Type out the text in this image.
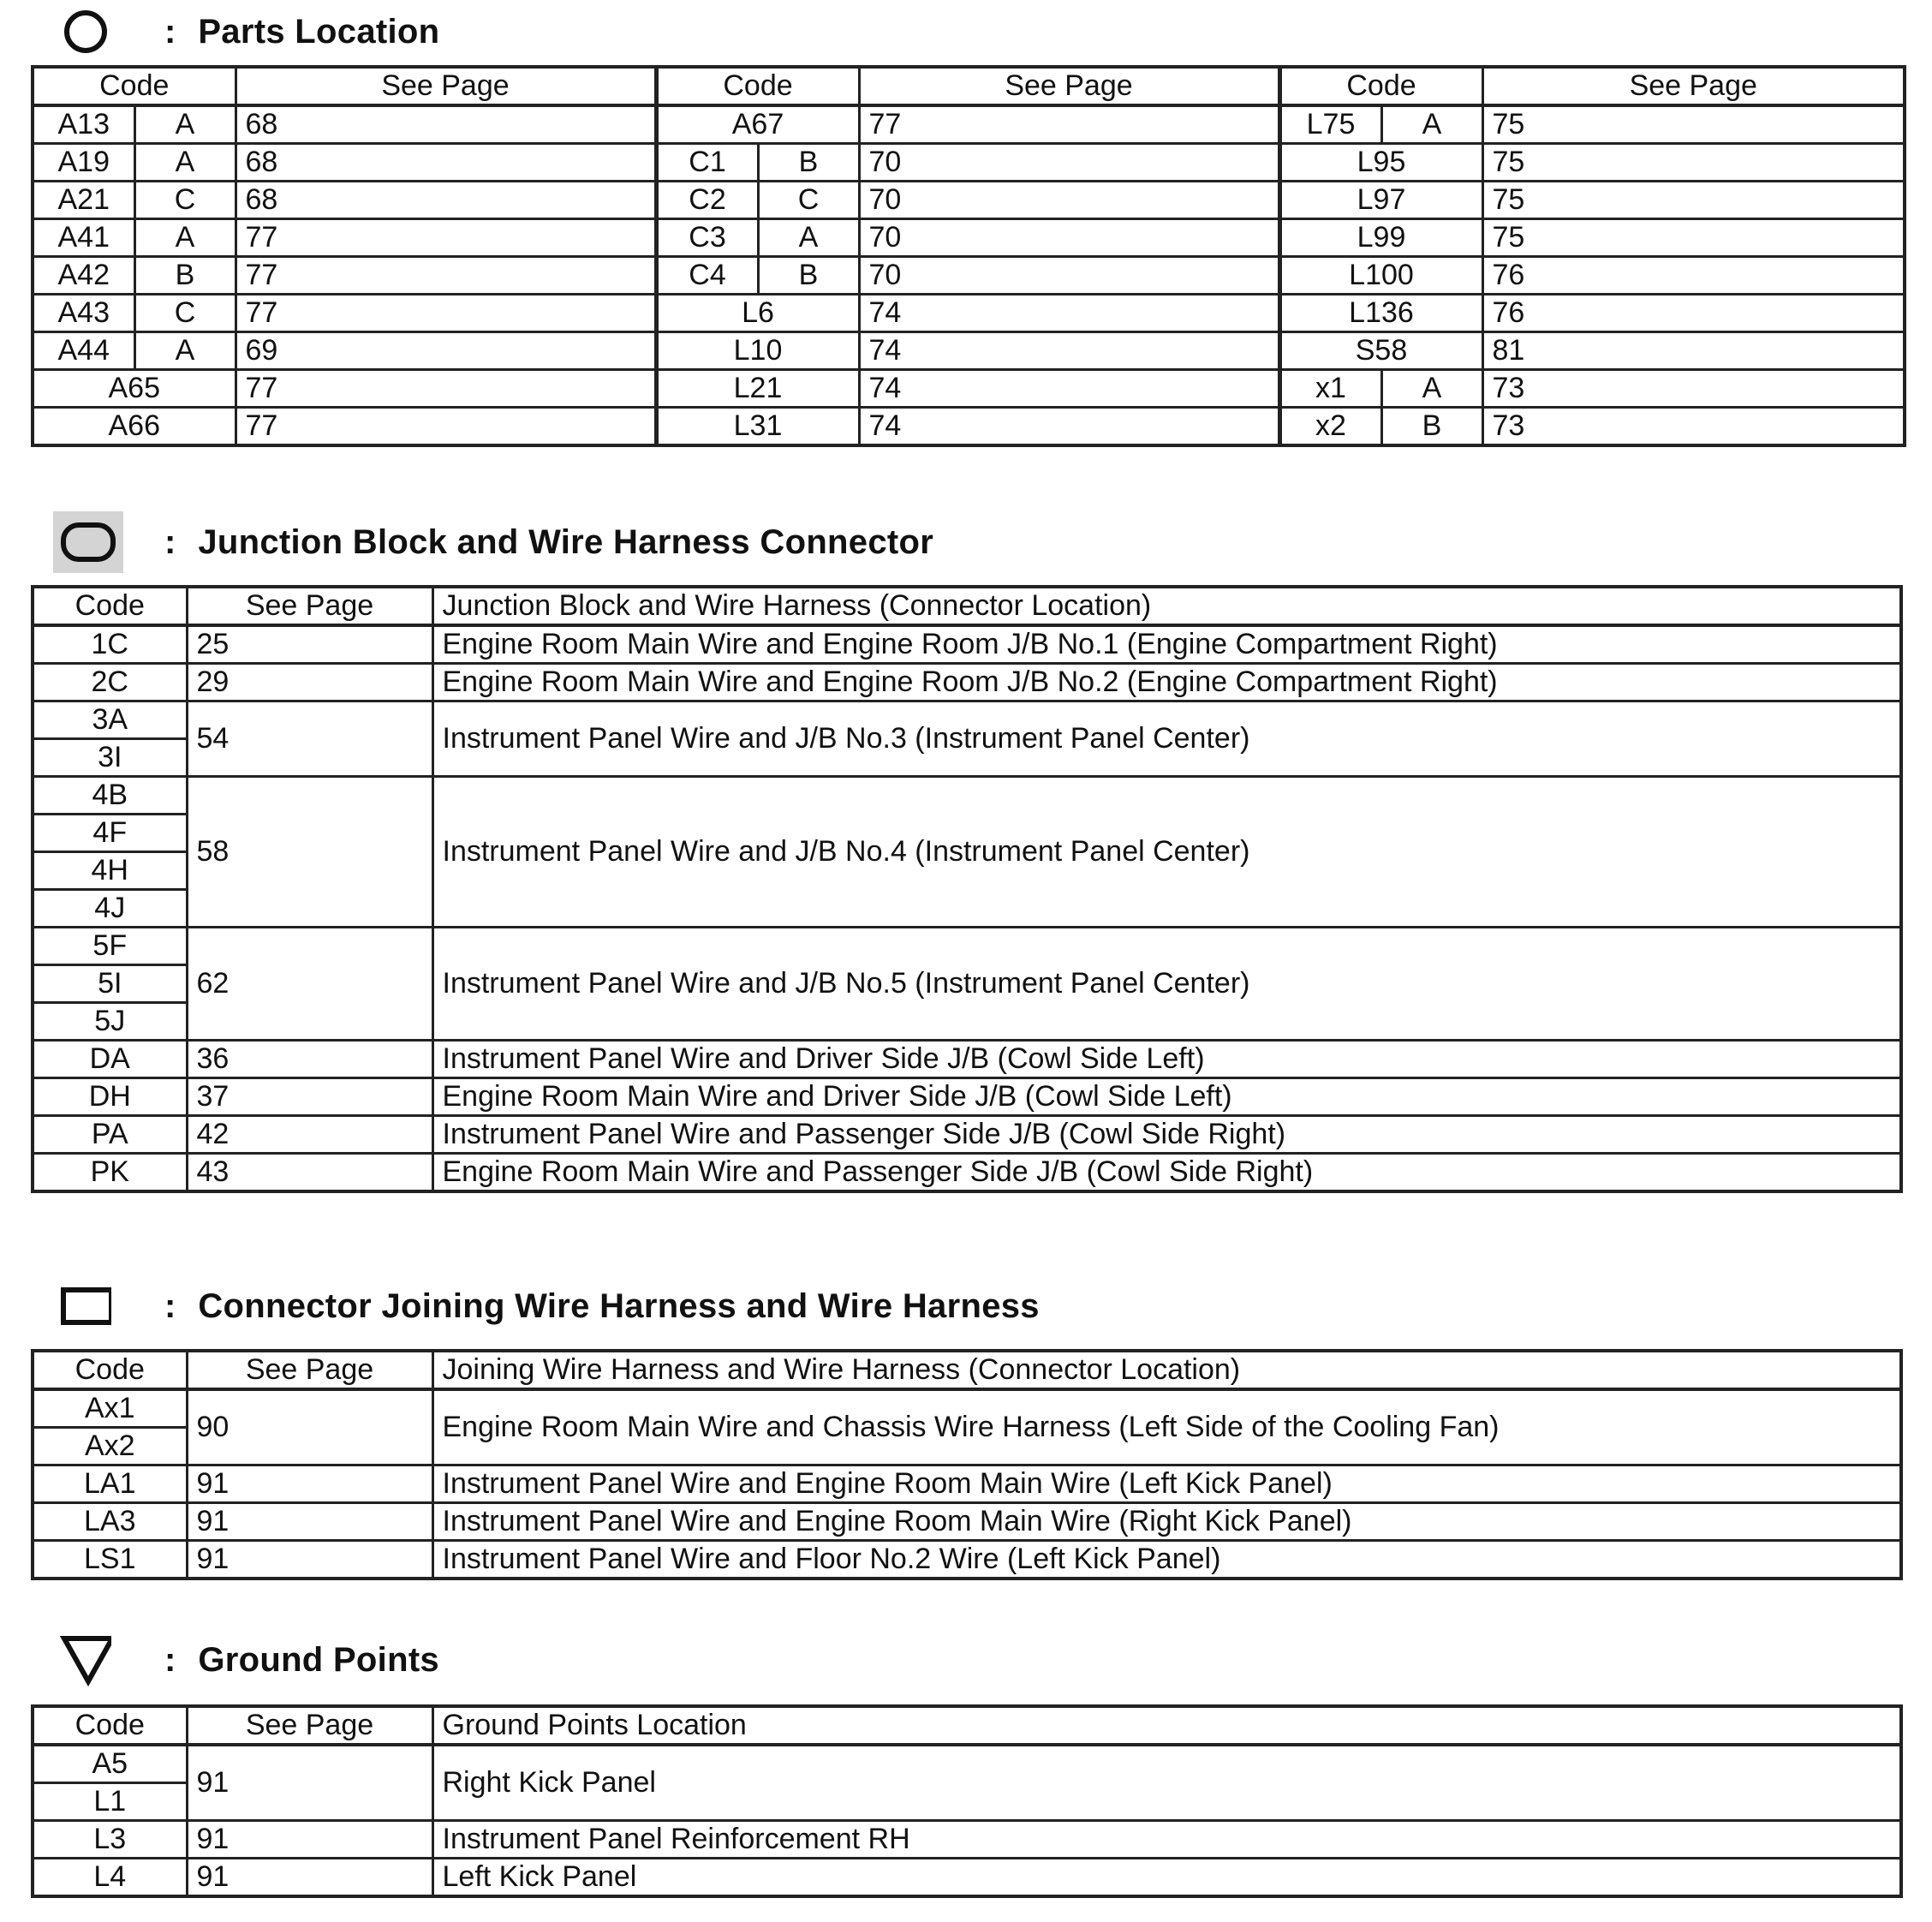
: Parts Location
Code		See Page	Code		See Page	Code		See Page
A13	A	68	A67		77	L75	A	75
A19	A	68	C1	B	70	L95		75
A21	C	68	C2	C	70	L97		75
A41	A	77	C3	A	70	L99		75
A42	B	77	C4	B	70	L100		76
A43	C	77	L6		74	L136		76
A44	A	69	L10		74	S58		81
A65		77	L21		74	x1	A	73
A66		77	L31		74	x2	B	73
: Junction Block and Wire Harness Connector
Code	See Page	Junction Block and Wire Harness (Connector Location)
1C	25	Engine Room Main Wire and Engine Room J/B No.1 (Engine Compartment Right)
2C	29	Engine Room Main Wire and Engine Room J/B No.2 (Engine Compartment Right)
3A	54	Instrument Panel Wire and J/B No.3 (Instrument Panel Center)
3I		
4B	58	Instrument Panel Wire and J/B No.4 (Instrument Panel Center)
4F		
4H		
4J		
5F	62	Instrument Panel Wire and J/B No.5 (Instrument Panel Center)
5I		
5J		
DA	36	Instrument Panel Wire and Driver Side J/B (Cowl Side Left)
DH	37	Engine Room Main Wire and Driver Side J/B (Cowl Side Left)
PA	42	Instrument Panel Wire and Passenger Side J/B (Cowl Side Right)
PK	43	Engine Room Main Wire and Passenger Side J/B (Cowl Side Right)
: Connector Joining Wire Harness and Wire Harness
Code	See Page	Joining Wire Harness and Wire Harness (Connector Location)
Ax1	90	Engine Room Main Wire and Chassis Wire Harness (Left Side of the Cooling Fan)
Ax2		
LA1	91	Instrument Panel Wire and Engine Room Main Wire (Left Kick Panel)
LA3	91	Instrument Panel Wire and Engine Room Main Wire (Right Kick Panel)
LS1	91	Instrument Panel Wire and Floor No.2 Wire (Left Kick Panel)
: Ground Points
Code	See Page	Ground Points Location
A5	91	Right Kick Panel
L1		
L3	91	Instrument Panel Reinforcement RH
L4	91	Left Kick Panel
